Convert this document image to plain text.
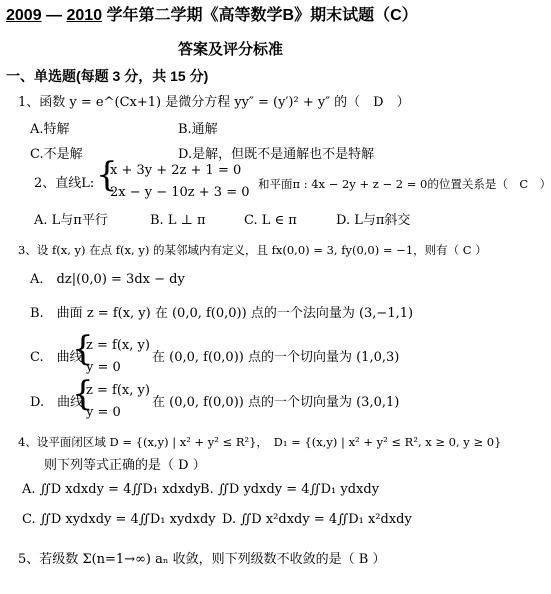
2009 — 2010 学年第二学期《高等数学B》期末试题（C）
答案及评分标准
一、单选题(每题 3 分，共 15 分)
1、函数 y = e^(Cx+1) 是微分方程 yy″ = (y′)² + y″ 的（　D　）
A.特解	B.通解
C.不是解	D.是解，但既不是通解也不是特解
2、直线L: {
x + 3y + 2z + 1 = 0
2x − y − 10z + 3 = 0
和平面π : 4x − 2y + z − 2 = 0的位置关系是（　C　）
A. L与π平行	B. L ⊥ π	C. L ∈ π	D. L与π斜交
3、设 f(x, y) 在点 f(x, y) 的某邻域内有定义，且 fx(0,0) = 3, fy(0,0) = −1，则有（ C ）
A.　dz|(0,0) = 3dx − dy
B.　曲面 z = f(x, y) 在 (0,0, f(0,0)) 点的一个法向量为 (3,−1,1)
C.　曲线
{
z = f(x, y)
y = 0
在 (0,0, f(0,0)) 点的一个切向量为 (1,0,3)
D.　曲线
{
z = f(x, y)
y = 0
在 (0,0, f(0,0)) 点的一个切向量为 (3,0,1)
4、设平面闭区域 D = {(x,y) | x² + y² ≤ R²}，　D₁ = {(x,y) | x² + y² ≤ R², x ≥ 0, y ≥ 0}
则下列等式正确的是（ D ）
A. ∬D xdxdy = 4∬D₁ xdxdy B. ∬D ydxdy = 4∬D₁ ydxdy
C. ∬D xydxdy = 4∬D₁ xydxdy D. ∬D x²dxdy = 4∬D₁ x²dxdy
5、若级数 Σ(n=1→∞) aₙ 收敛，则下列级数不收敛的是（ B ）
